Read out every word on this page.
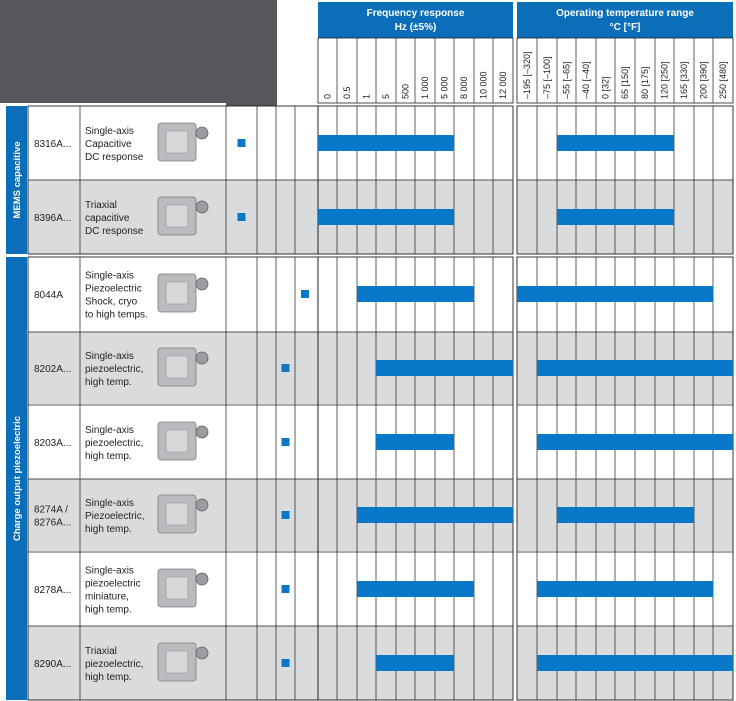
Frequency response
Hz (±5%)
Operating temperature range
°C [°F]
MEMS capacitive
Charge output piezoelectric
0 0.5 1 5 500 1 000 5 000 8 000 10 000 12 000 –195 [–320] –75 [–100] –55 [–65] –40 [–40] 0 [32] 65 [150] 80 [175] 120 [250] 165 [330] 200 [390] 250 [480]
8316A...
Single-axis
Capacitive
DC response
8396A...
Triaxial
capacitive
DC response
8044A
Single-axis
Piezoelectric
Shock, cryo
to high temps.
8202A...
Single-axis
piezoelectric,
high temp.
8203A...
Single-axis
piezoelectric,
high temp.
8274A /
8276A...
Single-axis
Piezoelectric,
high temp.
8278A...
Single-axis
piezoelectric
miniature,
high temp.
8290A...
Triaxial
piezoelectric,
high temp.
